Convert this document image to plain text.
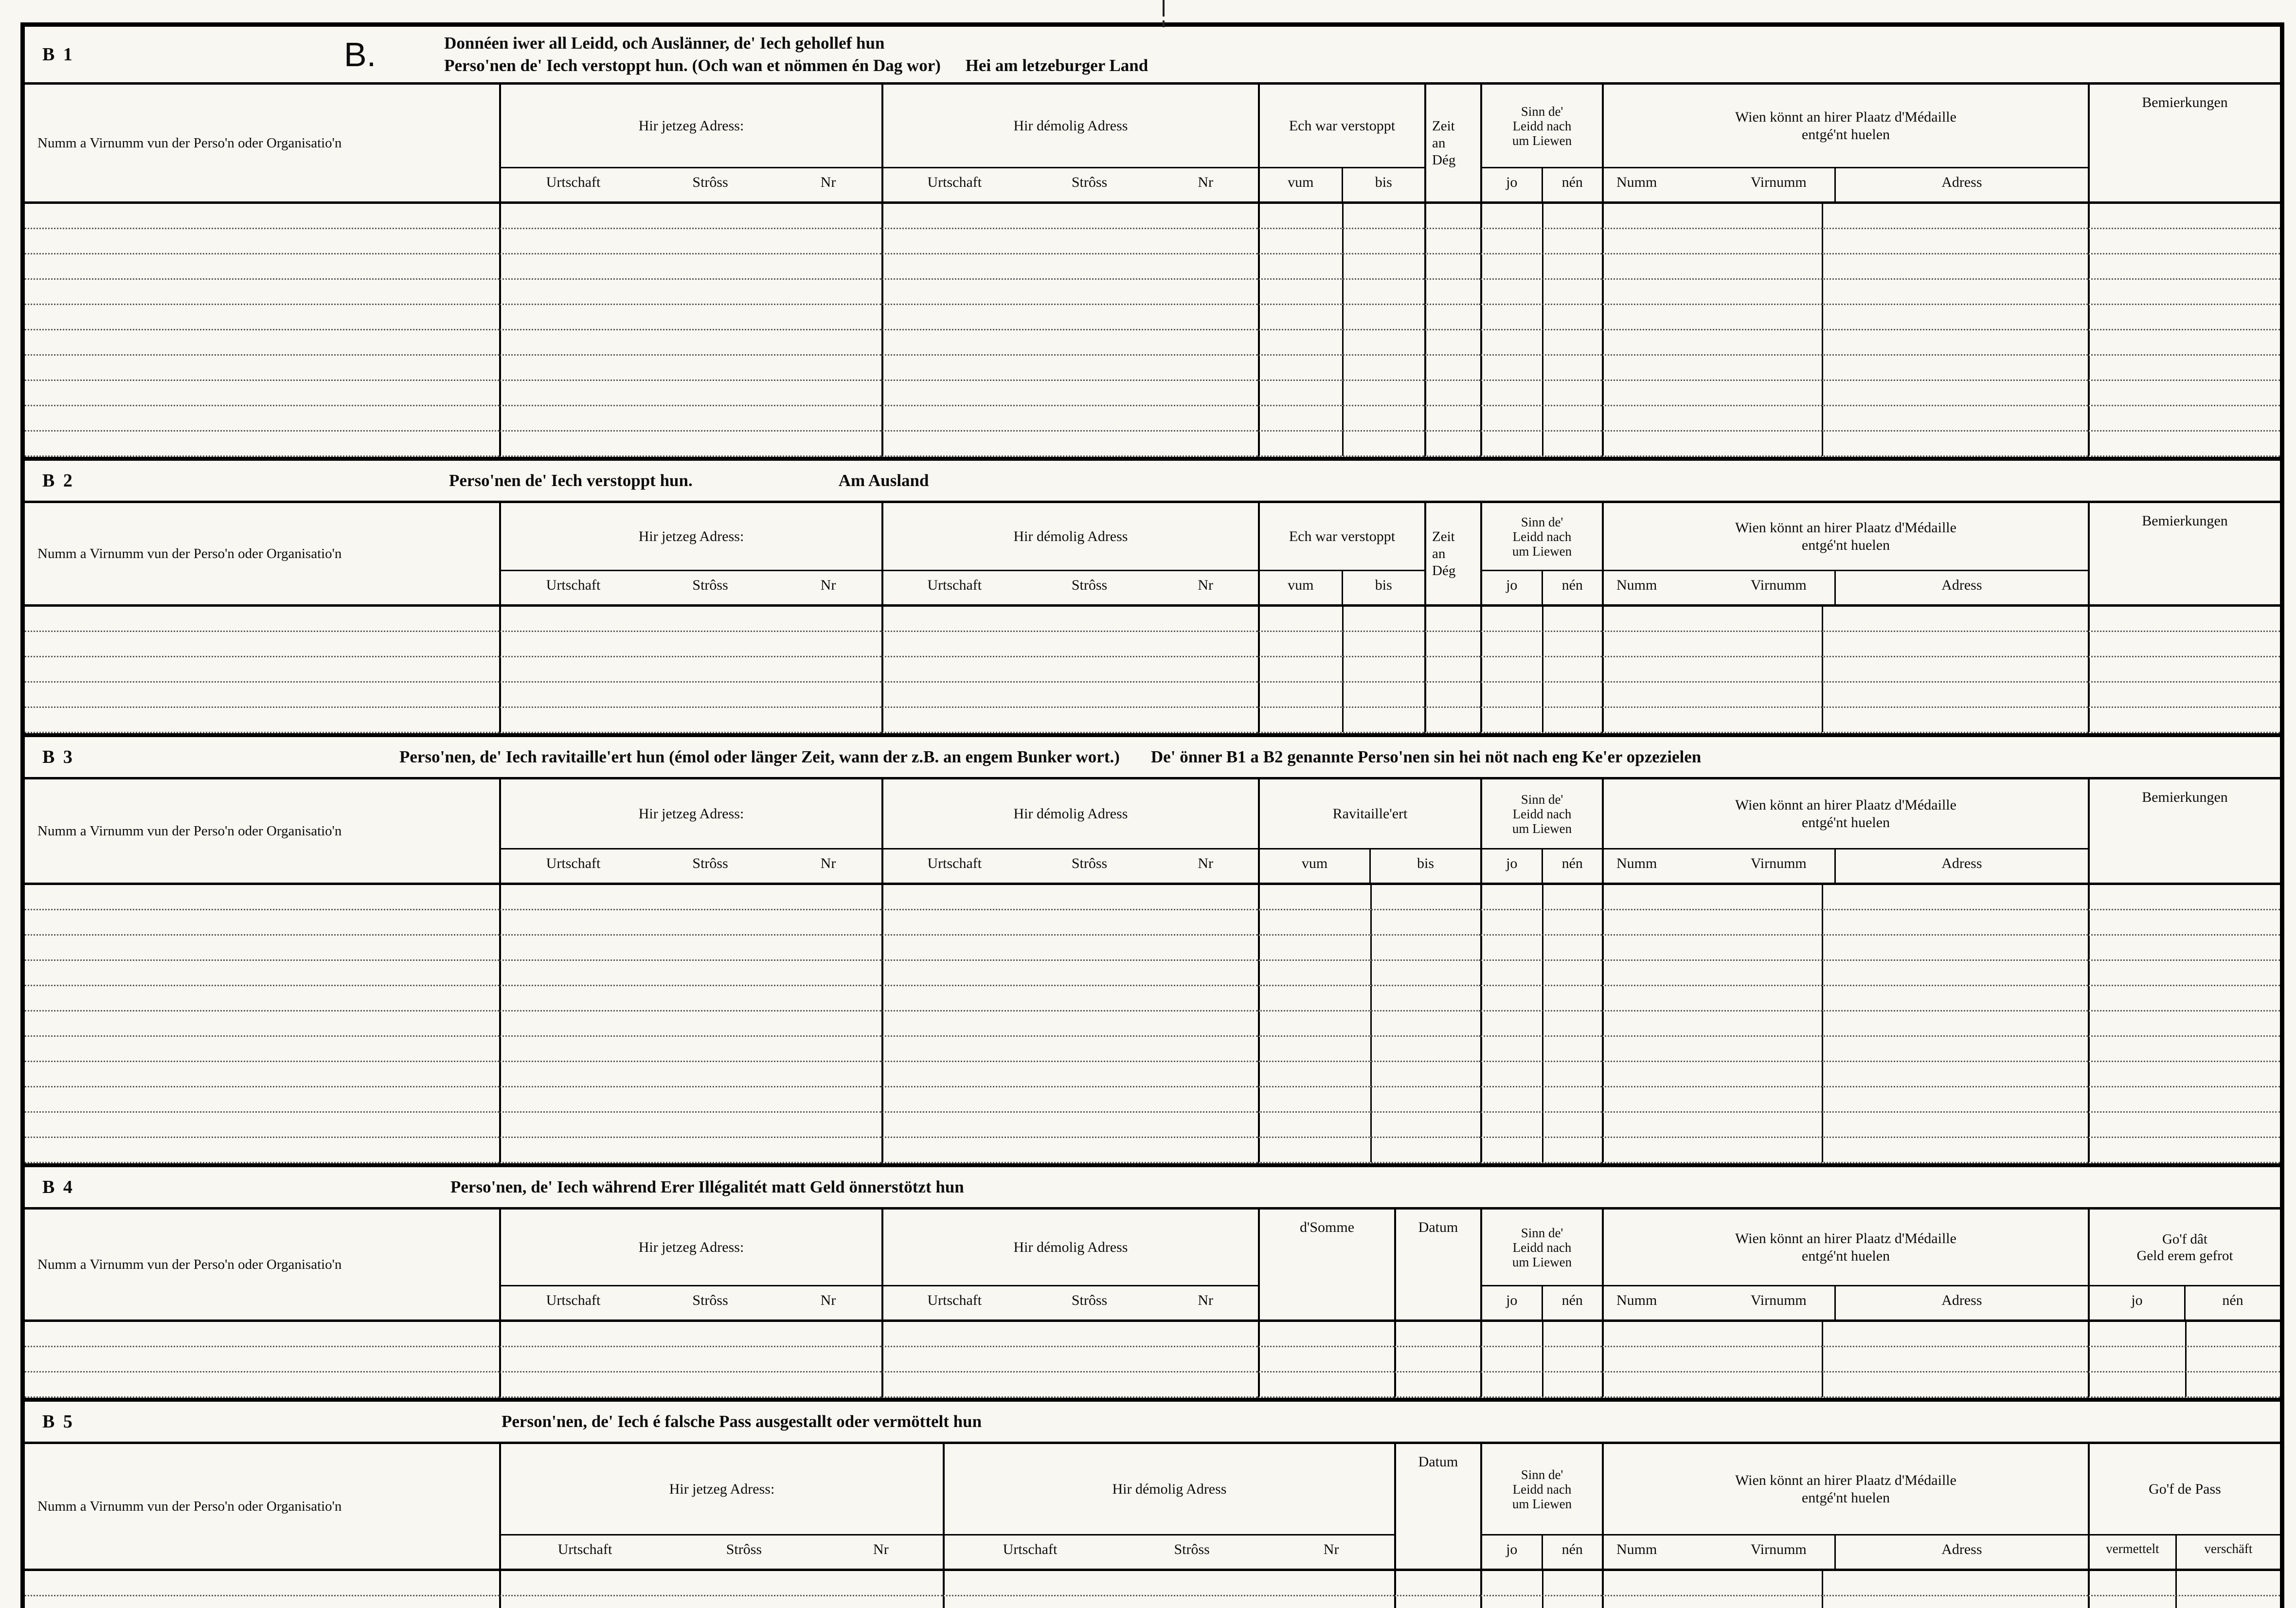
B 1	B.	Donnéen iwer all Leidd, och Auslänner, de' Iech gehollef hun
Perso'nen de' Iech verstoppt hun. (Och wan et nömmen én Dag wor) Hei am letzeburger Land
Numm a Virnumm vun der Perso'n oder Organisatio'n
Hir jetzeg Adress:
Urtschaft	Strôss	Nr
Hir démolig Adress
Urtschaft	Strôss	Nr
Ech war verstoppt
vum	bis
Zeit
an
Dég
Sinn de'
Leidd nach
um Liewen
jo	nén
Wien könnt an hirer Plaatz d'Médaille
entgé'nt huelen
Numm	Virnumm	Adress
Bemierkungen
B 2	Perso'nen de' Iech verstoppt hun.	Am Ausland
Numm a Virnumm vun der Perso'n oder Organisatio'n
Hir jetzeg Adress:
Urtschaft	Strôss	Nr
Hir démolig Adress
Urtschaft	Strôss	Nr
Ech war verstoppt
vum	bis
Zeit
an
Dég
Sinn de'
Leidd nach
um Liewen
jo	nén
Wien könnt an hirer Plaatz d'Médaille
entgé'nt huelen
Numm	Virnumm	Adress
Bemierkungen
B 3	Perso'nen, de' Iech ravitaille'ert hun (émol oder länger Zeit, wann der z.B. an engem Bunker wort.) De' önner B1 a B2 genannte Perso'nen sin hei nöt nach eng Ke'er opzezielen
Numm a Virnumm vun der Perso'n oder Organisatio'n
Hir jetzeg Adress:
Urtschaft	Strôss	Nr
Hir démolig Adress
Urtschaft	Strôss	Nr
Ravitaille'ert
vum	bis
Sinn de'
Leidd nach
um Liewen
jo	nén
Wien könnt an hirer Plaatz d'Médaille
entgé'nt huelen
Numm	Virnumm	Adress
Bemierkungen
B 4	Perso'nen, de' Iech während Erer Illégalitét matt Geld önnerstötzt hun
Numm a Virnumm vun der Perso'n oder Organisatio'n
Hir jetzeg Adress:
Urtschaft	Strôss	Nr
Hir démolig Adress
Urtschaft	Strôss	Nr
d'Somme	Datum	Sinn de'
Leidd nach
um Liewen
jo	nén
Wien könnt an hirer Plaatz d'Médaille
entgé'nt huelen
Numm	Virnumm	Adress
Go'f dât
Geld erem gefrot
jo	nén
B 5	Person'nen, de' Iech é falsche Pass ausgestallt oder vermöttelt hun
Numm a Virnumm vun der Perso'n oder Organisatio'n
Hir jetzeg Adress:
Urtschaft	Strôss	Nr
Hir démolig Adress
Urtschaft	Strôss	Nr
Datum
Sinn de'
Leidd nach
um Liewen
jo	nén
Wien könnt an hirer Plaatz d'Médaille
entgé'nt huelen
Numm	Virnumm	Adress
Go'f de Pass
vermettelt	verschäft
